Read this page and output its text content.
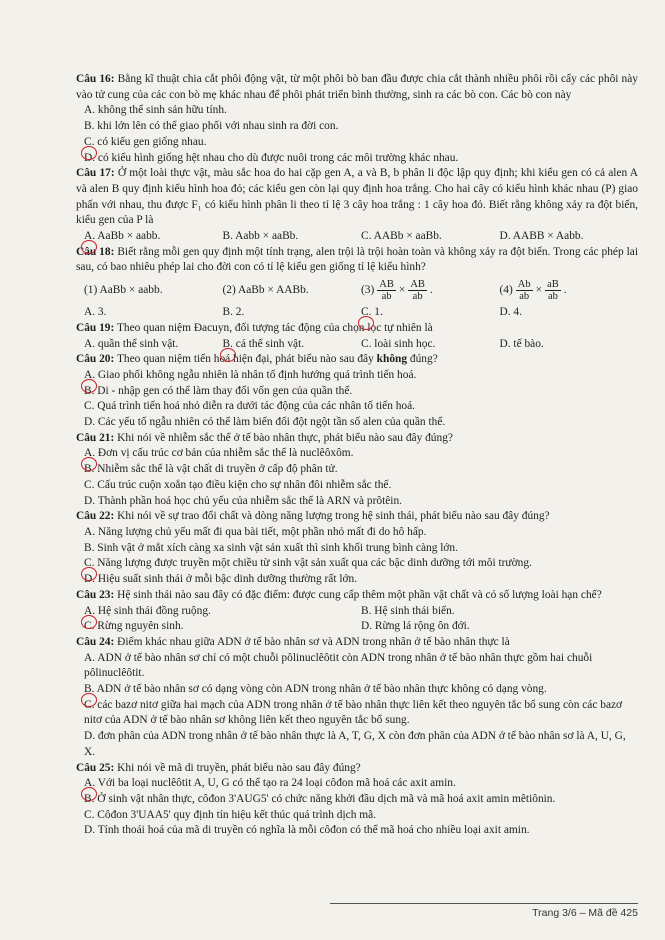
Câu 16: Bằng kĩ thuật chia cắt phôi động vật, từ một phôi bò ban đầu được chia cắt thành nhiều phôi rồi cấy các phôi này vào tử cung của các con bò mẹ khác nhau để phôi phát triển bình thường, sinh ra các bò con. Các bò con này

A. không thể sinh sản hữu tính.

B. khi lớn lên có thể giao phối với nhau sinh ra đời con.

C. có kiểu gen giống nhau.

D. có kiểu hình giống hệt nhau cho dù được nuôi trong các môi trường khác nhau.

Câu 17: Ở một loài thực vật, màu sắc hoa do hai cặp gen A, a và B, b phân li độc lập quy định; khi kiểu gen có cả alen A và alen B quy định kiểu hình hoa đỏ; các kiểu gen còn lại quy định hoa trắng. Cho hai cây có kiểu hình khác nhau (P) giao phấn với nhau, thu được F₁ có kiểu hình phân li theo tỉ lệ 3 cây hoa trắng : 1 cây hoa đỏ. Biết rằng không xảy ra đột biến, kiểu gen của P là

A. AaBb × aabb.	B. Aabb × aaBb.	C. AABb × aaBb.	D. AABB × Aabb.

Câu 18: Biết rằng mỗi gen quy định một tính trạng, alen trội là trội hoàn toàn và không xảy ra đột biến. Trong các phép lai sau, có bao nhiêu phép lai cho đời con có tỉ lệ kiểu gen giống tỉ lệ kiểu hình?

(1) AaBb × aabb.	(2) AaBb × AABb.	$(3) \frac{AB}{ab} \times \frac{AB}{ab}$ .	$(4) \frac{Ab}{ab} \times \frac{aB}{ab}$ .
A. 3.	B. 2.	C. 1.	D. 4.

Câu 19: Theo quan niệm Đacuyn, đối tượng tác động của chọn lọc tự nhiên là

A. quần thể sinh vật.	B. cá thể sinh vật.	C. loài sinh học.	D. tế bào.

Câu 20: Theo quan niệm tiến hoá hiện đại, phát biểu nào sau đây không đúng?

A. Giao phối không ngẫu nhiên là nhân tố định hướng quá trình tiến hoá.

B. Di - nhập gen có thể làm thay đổi vốn gen của quần thể.

C. Quá trình tiến hoá nhỏ diễn ra dưới tác động của các nhân tố tiến hoá.

D. Các yếu tố ngẫu nhiên có thể làm biến đổi đột ngột tần số alen của quần thể.

Câu 21: Khi nói về nhiễm sắc thể ở tế bào nhân thực, phát biểu nào sau đây đúng?

A. Đơn vị cấu trúc cơ bản của nhiễm sắc thể là nuclêôxôm.

B. Nhiễm sắc thể là vật chất di truyền ở cấp độ phân tử.

C. Cấu trúc cuộn xoắn tạo điều kiện cho sự nhân đôi nhiễm sắc thể.

D. Thành phần hoá học chủ yếu của nhiễm sắc thể là ARN và prôtêin.

Câu 22: Khi nói về sự trao đổi chất và dòng năng lượng trong hệ sinh thái, phát biểu nào sau đây đúng?

A. Năng lượng chủ yếu mất đi qua bài tiết, một phần nhỏ mất đi do hô hấp.

B. Sinh vật ở mắt xích càng xa sinh vật sản xuất thì sinh khối trung bình càng lớn.

C. Năng lượng được truyền một chiều từ sinh vật sản xuất qua các bậc dinh dưỡng tới môi trường.

D. Hiệu suất sinh thái ở mỗi bậc dinh dưỡng thường rất lớn.

Câu 23: Hệ sinh thái nào sau đây có đặc điểm: được cung cấp thêm một phần vật chất và có số lượng loài hạn chế?

A. Hệ sinh thái đồng ruộng.	B. Hệ sinh thái biển.
C. Rừng nguyên sinh.	D. Rừng lá rộng ôn đới.

Câu 24: Điểm khác nhau giữa ADN ở tế bào nhân sơ và ADN trong nhân ở tế bào nhân thực là

A. ADN ở tế bào nhân sơ chỉ có một chuỗi pôlinuclêôtit còn ADN trong nhân ở tế bào nhân thực gồm hai chuỗi pôlinuclêôtit.

B. ADN ở tế bào nhân sơ có dạng vòng còn ADN trong nhân ở tế bào nhân thực không có dạng vòng.

C. các bazơ nitơ giữa hai mạch của ADN trong nhân ở tế bào nhân thực liên kết theo nguyên tắc bổ sung còn các bazơ nitơ của ADN ở tế bào nhân sơ không liên kết theo nguyên tắc bổ sung.

D. đơn phân của ADN trong nhân ở tế bào nhân thực là A, T, G, X còn đơn phân của ADN ở tế bào nhân sơ là A, U, G, X.

Câu 25: Khi nói về mã di truyền, phát biểu nào sau đây đúng?

A. Với ba loại nuclêôtit A, U, G có thể tạo ra 24 loại côđon mã hoá các axit amin.

B. Ở sinh vật nhân thực, côđon 3'AUG5' có chức năng khởi đầu dịch mã và mã hoá axit amin mêtiônin.

C. Côđon 3'UAA5' quy định tín hiệu kết thúc quá trình dịch mã.

D. Tính thoái hoá của mã di truyền có nghĩa là mỗi côđon có thể mã hoá cho nhiều loại axit amin.

Trang 3/6 – Mã đề 425
